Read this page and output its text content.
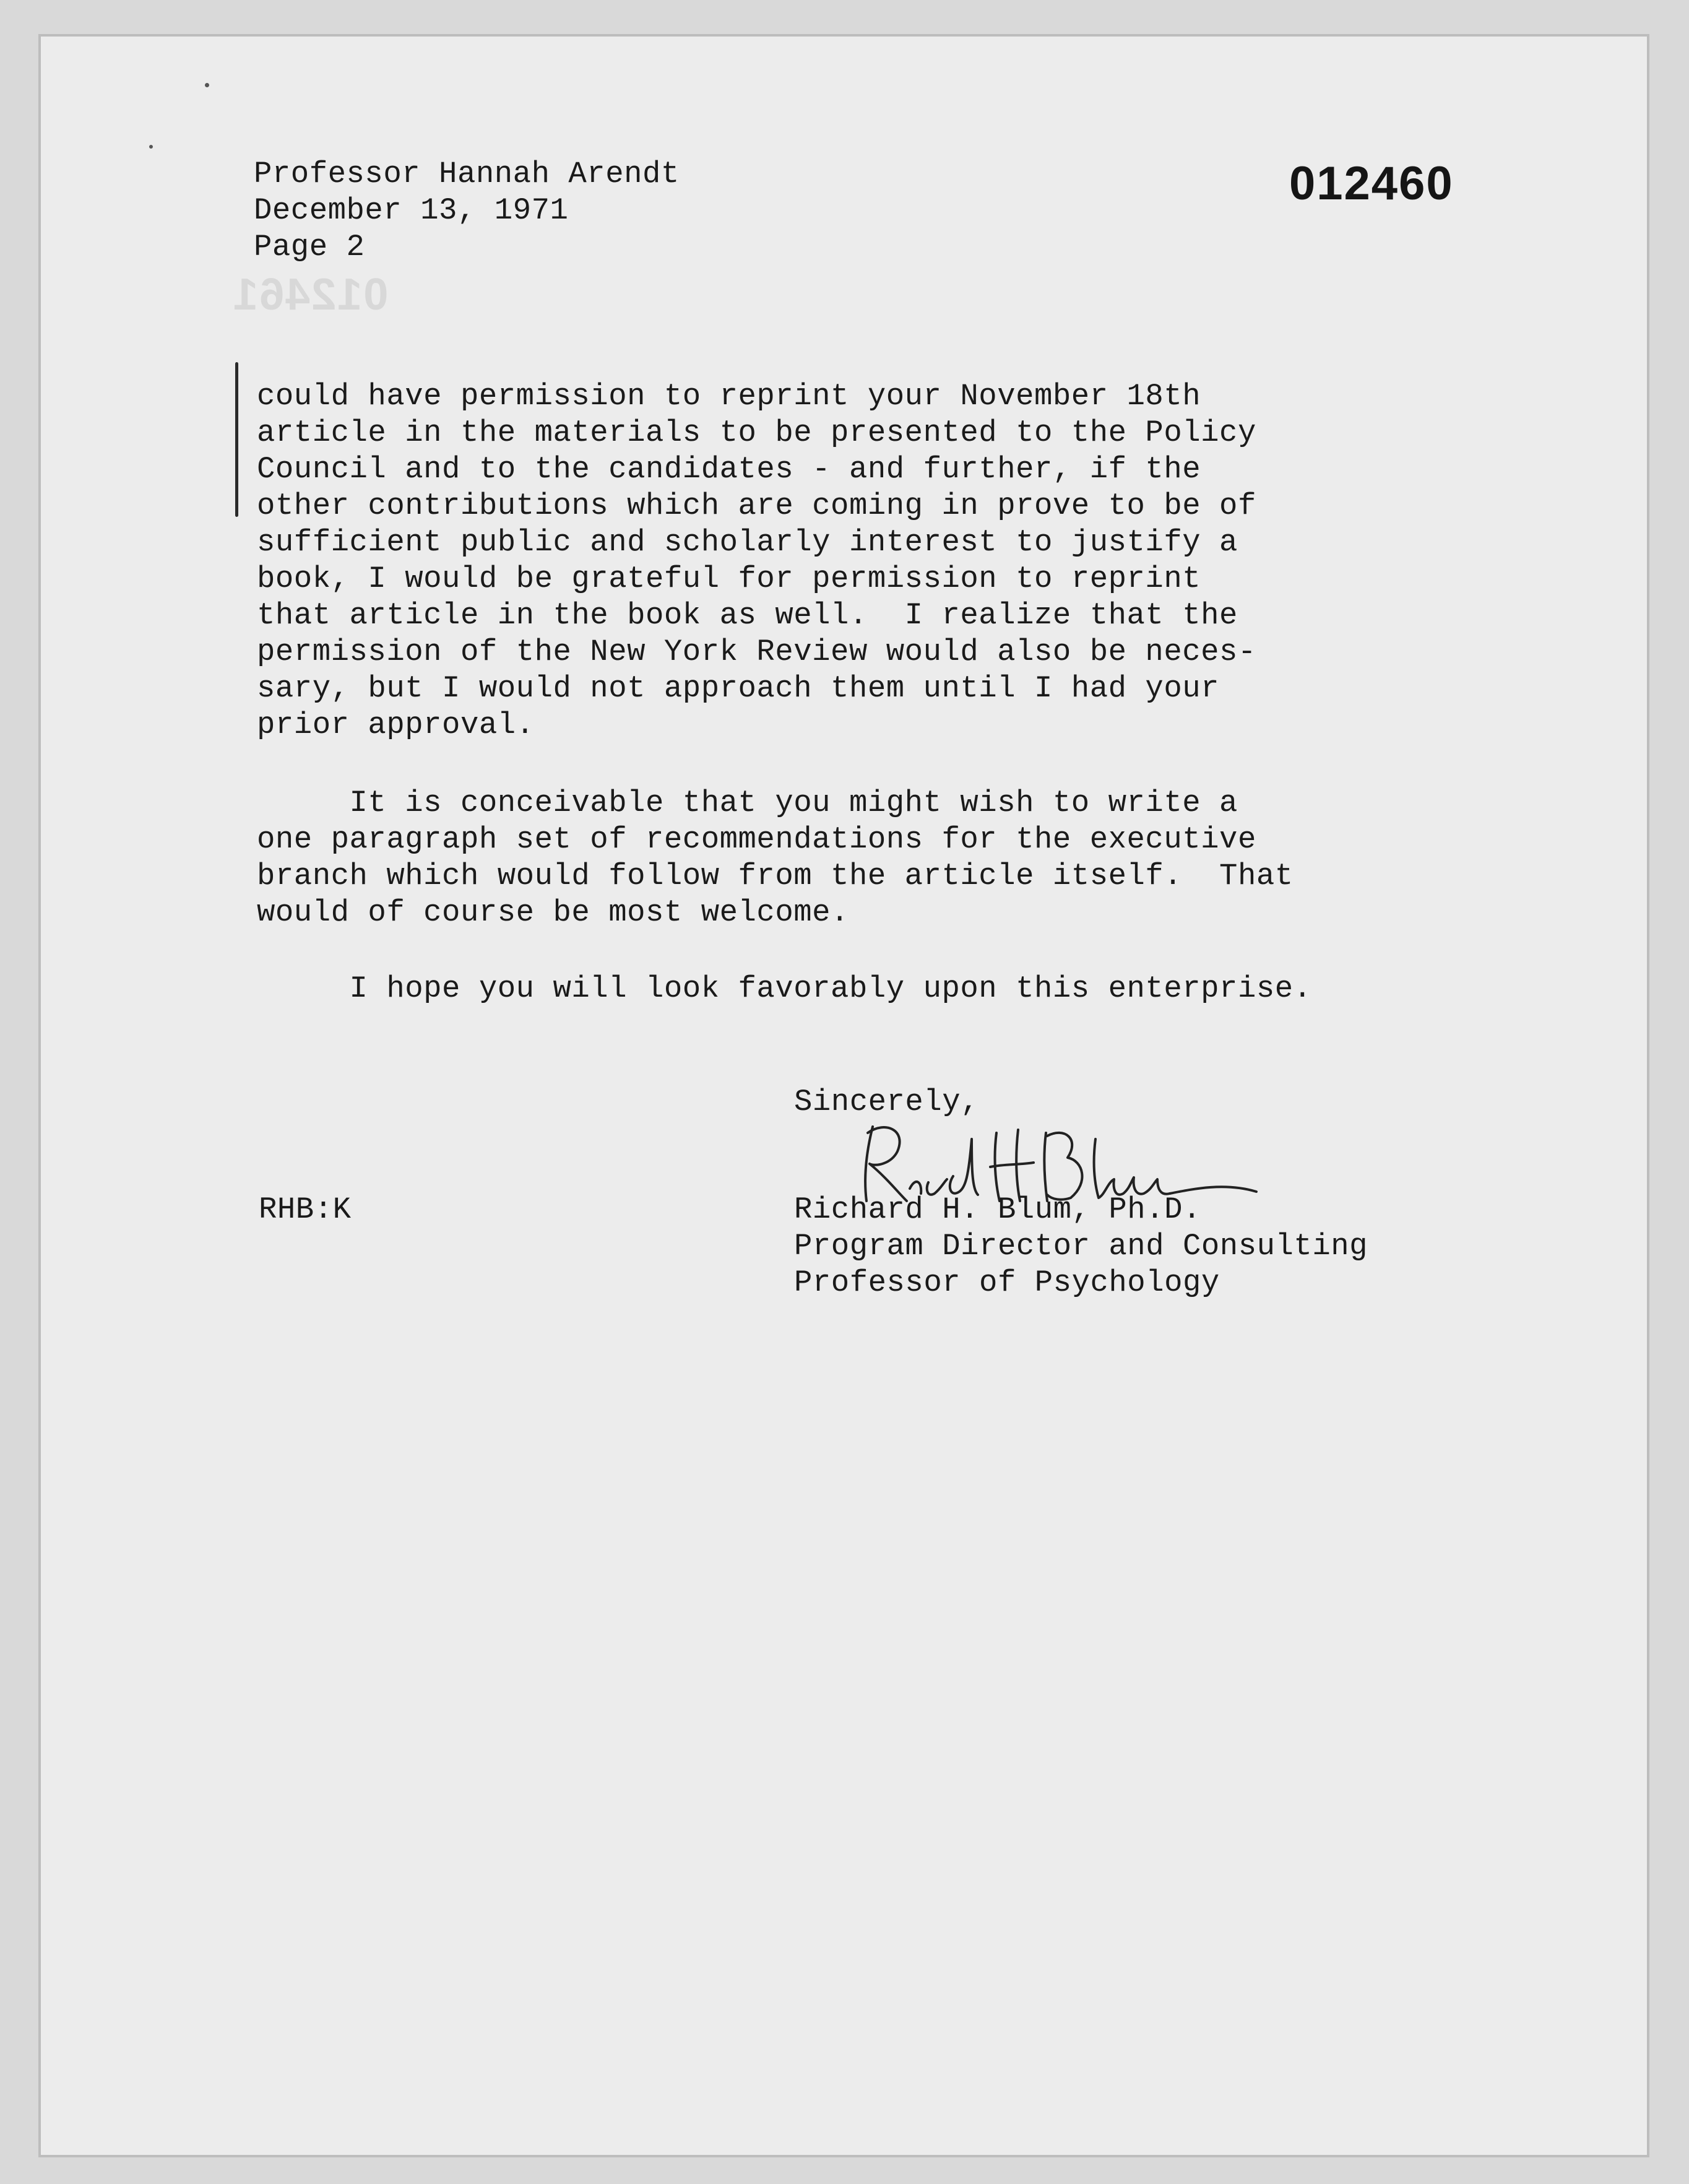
Professor Hannah Arendt
December 13, 1971
Page 2
012460
012461
could have permission to reprint your November 18th
article in the materials to be presented to the Policy
Council and to the candidates - and further, if the
other contributions which are coming in prove to be of
sufficient public and scholarly interest to justify a
book, I would be grateful for permission to reprint
that article in the book as well.  I realize that the
permission of the New York Review would also be neces-
sary, but I would not approach them until I had your
prior approval.
It is conceivable that you might wish to write a
one paragraph set of recommendations for the executive
branch which would follow from the article itself.  That
would of course be most welcome.
I hope you will look favorably upon this enterprise.
Sincerely,
RHB:K	Richard H. Blum, Ph.D.
Program Director and Consulting
Professor of Psychology
